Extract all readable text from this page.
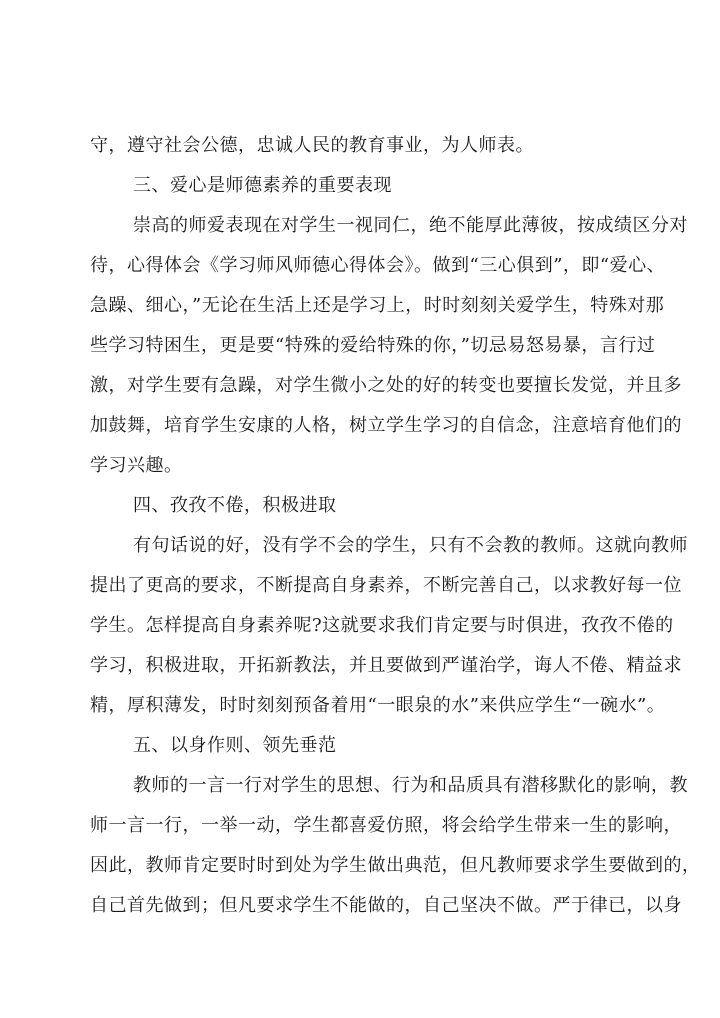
守，遵守社会公德，忠诚人民的教育事业，为人师表。
三、爱心是师德素养的重要表现
崇高的师爱表现在对学生一视同仁，绝不能厚此薄彼，按成绩区分对
待，心得体会《学习师风师德心得体会》。做到“三心俱到”，即“爱心、
急躁、细心，”无论在生活上还是学习上，时时刻刻关爱学生，特殊对那
些学习特困生，更是要“特殊的爱给特殊的你，”切忌易怒易暴，言行过
激，对学生要有急躁，对学生微小之处的好的转变也要擅长发觉，并且多
加鼓舞，培育学生安康的人格，树立学生学习的自信念，注意培育他们的
学习兴趣。
四、孜孜不倦，积极进取
有句话说的好，没有学不会的学生，只有不会教的教师。这就向教师
提出了更高的要求，不断提高自身素养，不断完善自己，以求教好每一位
学生。怎样提高自身素养呢?这就要求我们肯定要与时俱进，孜孜不倦的
学习，积极进取，开拓新教法，并且要做到严谨治学，诲人不倦、精益求
精，厚积薄发，时时刻刻预备着用“一眼泉的水”来供应学生“一碗水”。
五、以身作则、领先垂范
教师的一言一行对学生的思想、行为和品质具有潜移默化的影响，教
师一言一行，一举一动，学生都喜爱仿照，将会给学生带来一生的影响，
因此，教师肯定要时时到处为学生做出典范，但凡教师要求学生要做到的，
自己首先做到；但凡要求学生不能做的，自己坚决不做。严于律已，以身
